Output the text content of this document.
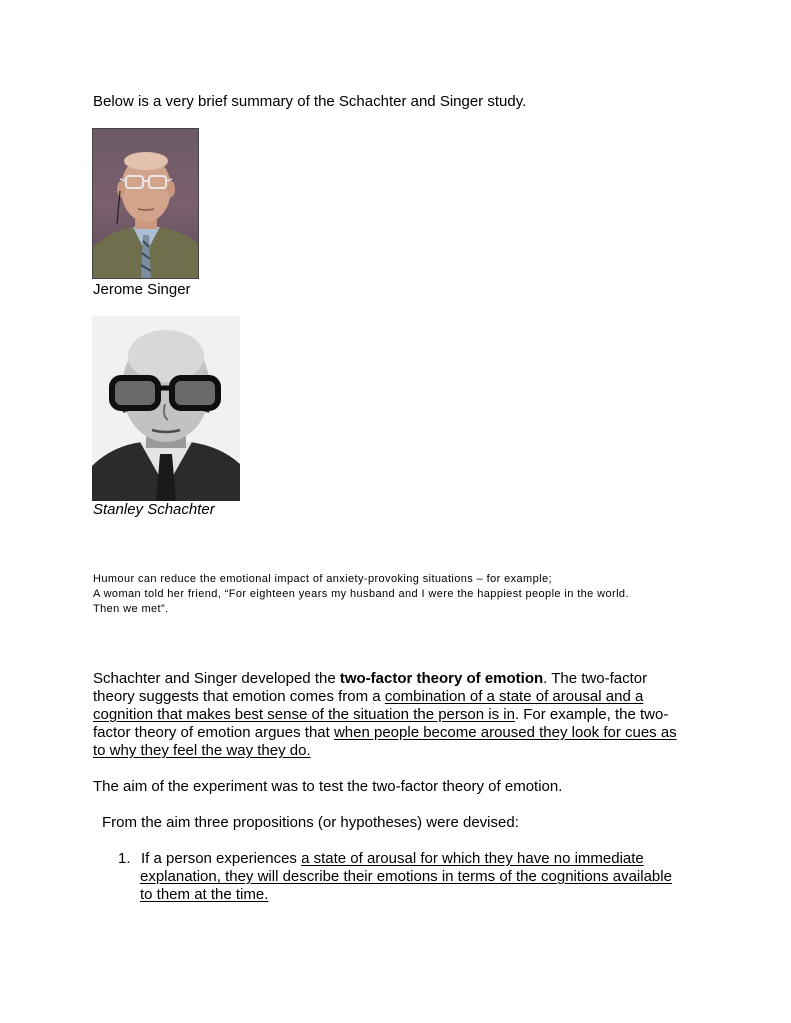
Below is a very brief summary of the Schachter and Singer study.
Jerome Singer
Stanley Schachter
Humour can reduce the emotional impact of anxiety-provoking situations – for example;
A woman told her friend, “For eighteen years my husband and I were the happiest people in the world.
Then we met”.
Schachter and Singer developed the two-factor theory of emotion. The two-factor
theory suggests that emotion comes from a combination of a state of arousal and a
cognition that makes best sense of the situation the person is in. For example, the two-
factor theory of emotion argues that when people become aroused they look for cues as
to why they feel the way they do.
The aim of the experiment was to test the two-factor theory of emotion.
From the aim three propositions (or hypotheses) were devised:
1. If a person experiences a state of arousal for which they have no immediate
explanation, they will describe their emotions in terms of the cognitions available
to them at the time.
